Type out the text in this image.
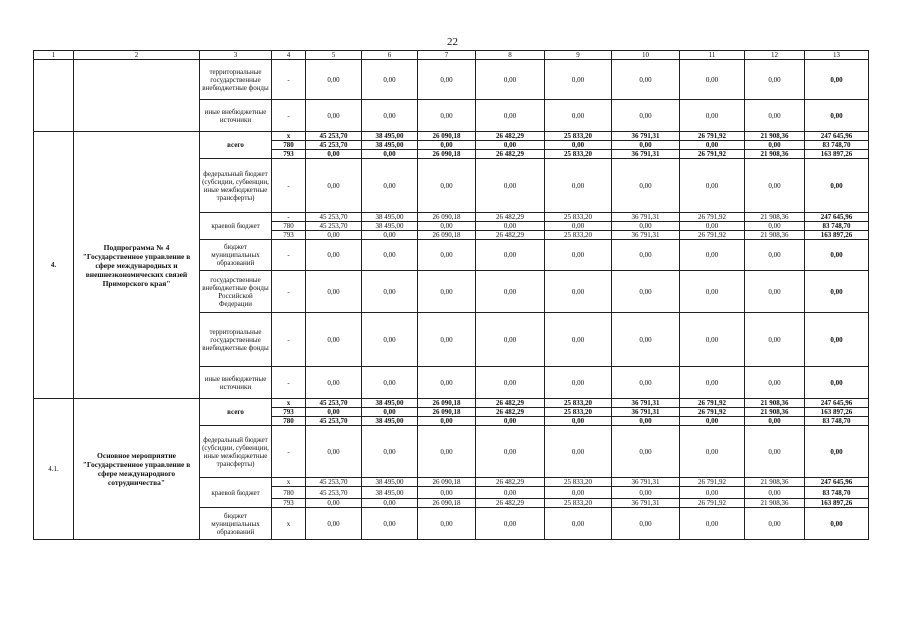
22
1	2	3	4	5	6	7	8	9	10	11	12	13
		территориальные государственные внебюджетные фонды	-	0,00	0,00	0,00	0,00	0,00	0,00	0,00	0,00	0,00
		иные внебюджетные источники	-	0,00	0,00	0,00	0,00	0,00	0,00	0,00	0,00	0,00
4.	Подпрограмма № 4 "Государственное управление в сфере международных и внешнеэкономических связей Приморского края"	всего	x	45 253,70	38 495,00	26 090,18	26 482,29	25 833,20	36 791,31	26 791,92	21 908,36	247 645,96
			780	45 253,70	38 495,00	0,00	0,00	0,00	0,00	0,00	0,00	83 748,70
			793	0,00	0,00	26 090,18	26 482,29	25 833,20	36 791,31	26 791,92	21 908,36	163 897,26
		федеральный бюджет (субсидии, субвенции, иные межбюджетные трансферты)	-	0,00	0,00	0,00	0,00	0,00	0,00	0,00	0,00	0,00
		краевой бюджет	-	45 253,70	38 495,00	26 090,18	26 482,29	25 833,20	36 791,31	26 791,92	21 908,36	247 645,96
			780	45 253,70	38 495,00	0,00	0,00	0,00	0,00	0,00	0,00	83 748,70
			793	0,00	0,00	26 090,18	26 482,29	25 833,20	36 791,31	26 791,92	21 908,36	163 897,26
		бюджет муниципальных образований	-	0,00	0,00	0,00	0,00	0,00	0,00	0,00	0,00	0,00
		государственные внебюджетные фонды Российской Федерации	-	0,00	0,00	0,00	0,00	0,00	0,00	0,00	0,00	0,00
		территориальные государственные внебюджетные фонды	-	0,00	0,00	0,00	0,00	0,00	0,00	0,00	0,00	0,00
		иные внебюджетные источники	-	0,00	0,00	0,00	0,00	0,00	0,00	0,00	0,00	0,00
4.1.	Основное мероприятие "Государственное управление в сфере международного сотрудничества"	всего	x	45 253,70	38 495,00	26 090,18	26 482,29	25 833,20	36 791,31	26 791,92	21 908,36	247 645,96
			793	0,00	0,00	26 090,18	26 482,29	25 833,20	36 791,31	26 791,92	21 908,36	163 897,26
			780	45 253,70	38 495,00	0,00	0,00	0,00	0,00	0,00	0,00	83 748,70
		федеральный бюджет (субсидии, субвенции, иные межбюджетные трансферты)	-	0,00	0,00	0,00	0,00	0,00	0,00	0,00	0,00	0,00
		краевой бюджет	x	45 253,70	38 495,00	26 090,18	26 482,29	25 833,20	36 791,31	26 791,92	21 908,36	247 645,96
			780	45 253,70	38 495,00	0,00	0,00	0,00	0,00	0,00	0,00	83 748,70
			793	0,00	0,00	26 090,18	26 482,29	25 833,20	36 791,31	26 791,92	21 908,36	163 897,26
		бюджет муниципальных образований	x	0,00	0,00	0,00	0,00	0,00	0,00	0,00	0,00	0,00
